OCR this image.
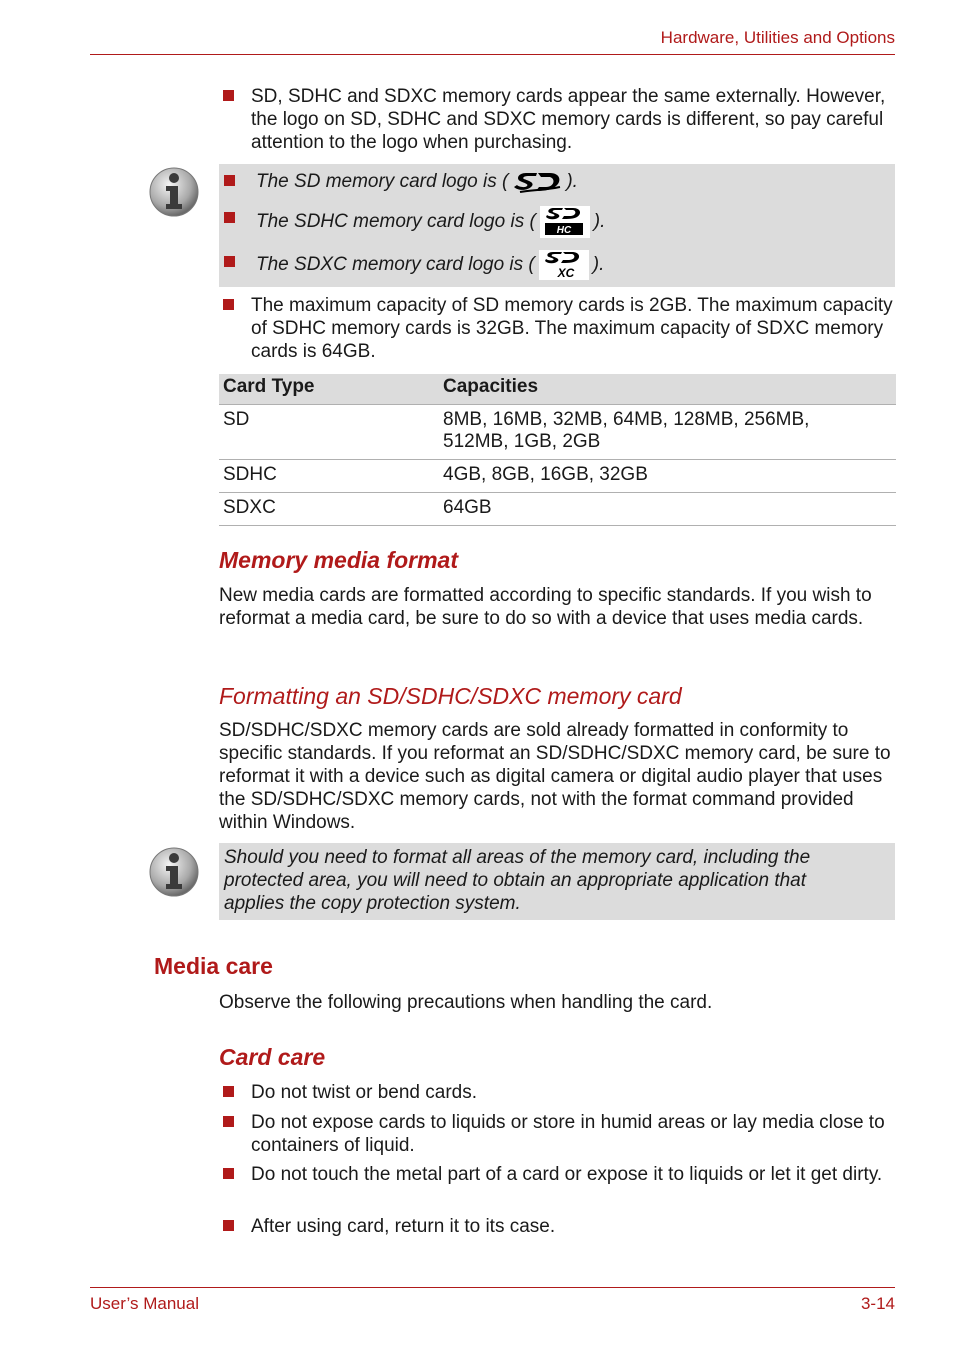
Hardware, Utilities and Options
SD, SDHC and SDXC memory cards appear the same externally. However, the logo on SD, SDHC and SDXC memory cards is different, so pay careful attention to the logo when purchasing.
The SD memory card logo is (	).
The SDHC memory card logo is ( HC ).
The SDXC memory card logo is ( XC ).
The maximum capacity of SD memory cards is 2GB. The maximum capacity of SDHC memory cards is 32GB. The maximum capacity of SDXC memory cards is 64GB.
Card Type	Capacities
SD	8MB, 16MB, 32MB, 64MB, 128MB, 256MB, 512MB, 1GB, 2GB
SDHC	4GB, 8GB, 16GB, 32GB
SDXC	64GB
Memory media format
New media cards are formatted according to specific standards. If you wish to reformat a media card, be sure to do so with a device that uses media cards.
Formatting an SD/SDHC/SDXC memory card
SD/SDHC/SDXC memory cards are sold already formatted in conformity to specific standards. If you reformat an SD/SDHC/SDXC memory card, be sure to reformat it with a device such as digital camera or digital audio player that uses the SD/SDHC/SDXC memory cards, not with the format command provided within Windows.
Should you need to format all areas of the memory card, including the protected area, you will need to obtain an appropriate application that applies the copy protection system.
Media care
Observe the following precautions when handling the card.
Card care
Do not twist or bend cards.
Do not expose cards to liquids or store in humid areas or lay media close to containers of liquid.
Do not touch the metal part of a card or expose it to liquids or let it get dirty.
After using card, return it to its case.
User’s Manual	3-14
